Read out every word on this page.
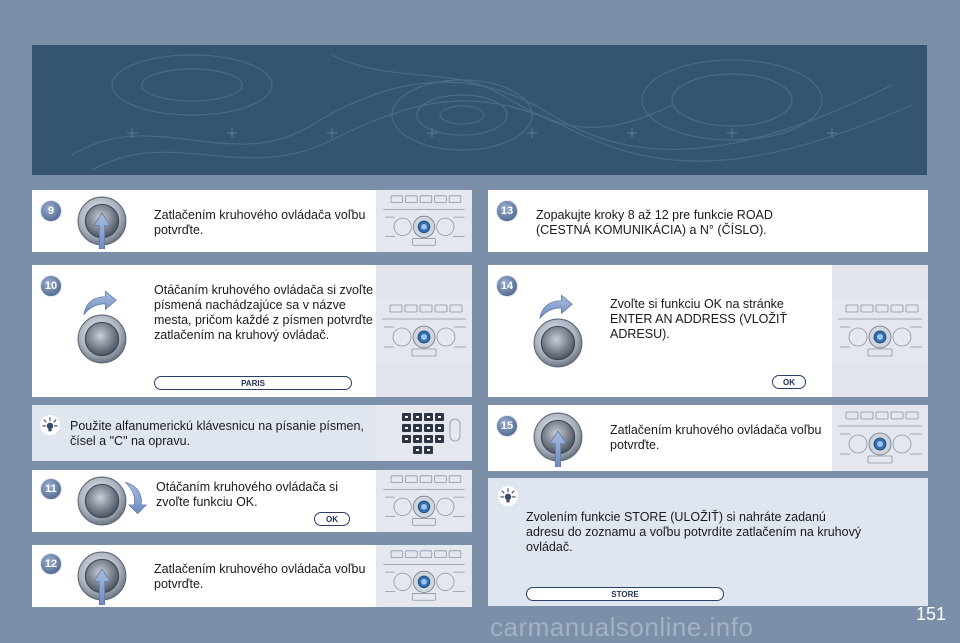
9	Zatlačením kruhového ovládača voľbu potvrďte.
10	Otáčaním kruhového ovládača si zvoľte písmená nachádzajúce sa v názve mesta, pričom každé z písmen potvrďte zatlačením na kruhový ovládač.
PARIS
Použite alfanumerickú klávesnicu na písanie písmen, čísel a "C" na opravu.
11	Otáčaním kruhového ovládača si zvoľte funkciu OK.
OK
12	Zatlačením kruhového ovládača voľbu potvrďte.
13	Zopakujte kroky 8 až 12 pre funkcie ROAD (CESTNÁ KOMUNIKÁCIA) a N° (ČÍSLO).
14
Zvoľte si funkciu OK na stránke ENTER AN ADDRESS (VLOŽIŤ ADRESU).
OK
15	Zatlačením kruhového ovládača voľbu potvrďte.
Zvolením funkcie STORE (ULOŽIŤ) si nahráte zadanú adresu do zoznamu a voľbu potvrdíte zatlačením na kruhový ovládač.
STORE
151
carmanualsonline.info
